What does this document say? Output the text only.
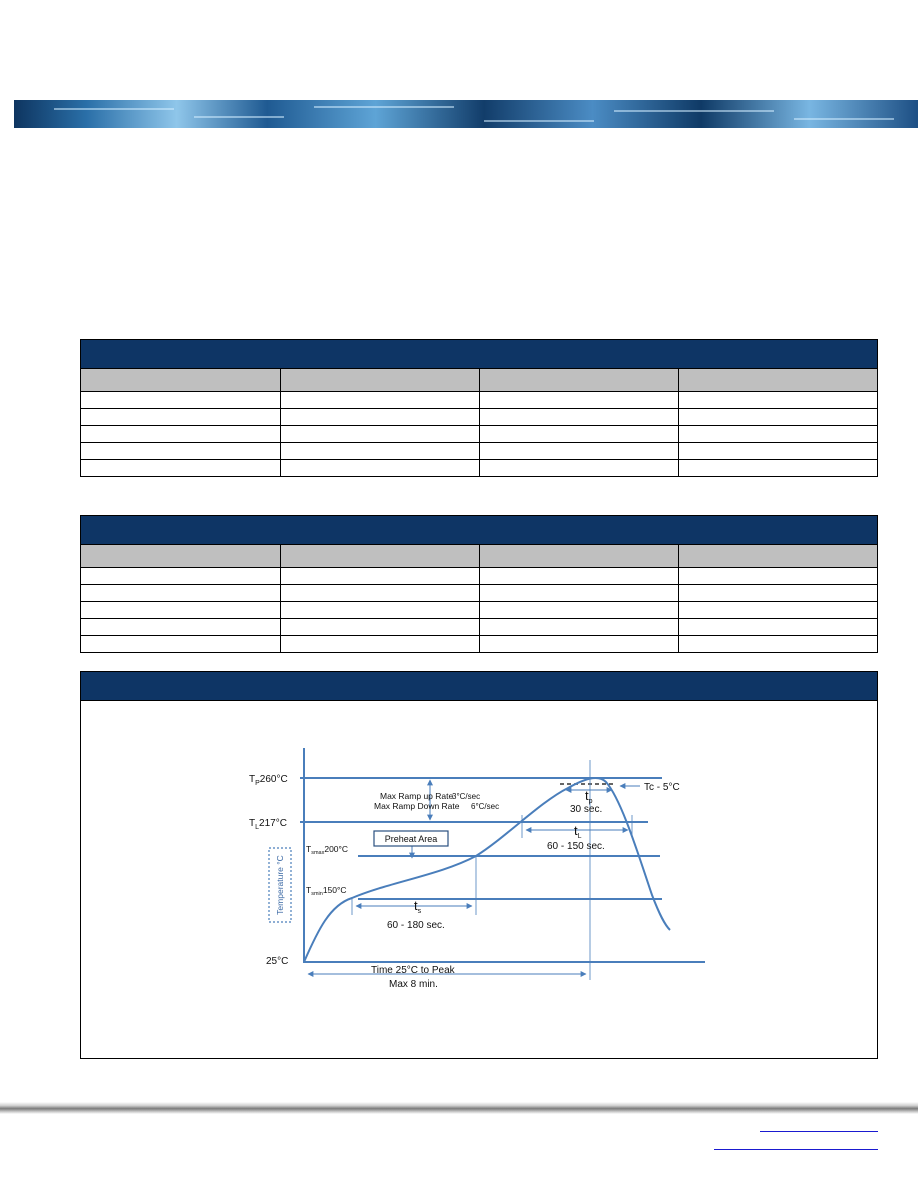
Temperature °C
Preheat Area
$T_P260^\circ C$
$T_L217^\circ C$
$T_{smax}200^\circ C$
$T_{smin}150^\circ C$
25°C
Max Ramp up Rate
3°C/sec
Max Ramp Down Rate 6°C/sec
Tc - 5°C
$t_p$
30 sec.
$t_L$
60 - 150 sec.
$t_s$
60 - 180 sec.
Time 25°C to Peak
Max 8 min.
